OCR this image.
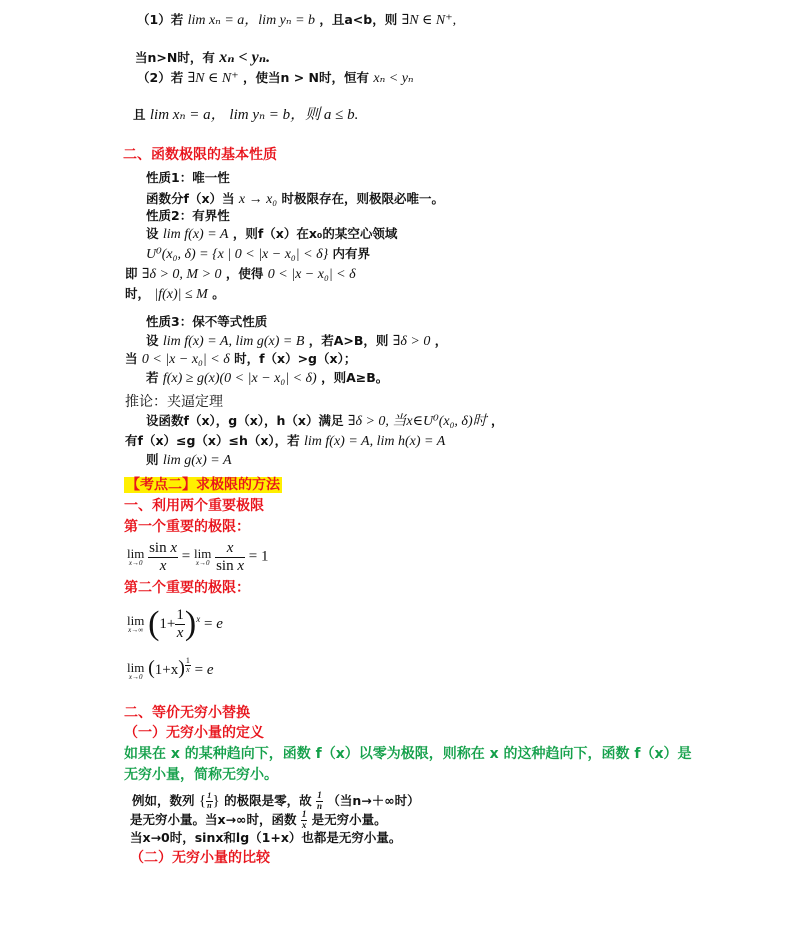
（1）若 lim xₙ = a，lim yₙ = b ，且a<b，则 ∃N ∈ N⁺,
当n>N时，有 xₙ < yₙ.
（2）若 ∃N ∈ N⁺ ，使当n > N时，恒有 xₙ < yₙ
且 lim xₙ = a， lim yₙ = b，则 a ≤ b.
二、函数极限的基本性质
性质1：唯一性
函数分f（x）当 x → x₀ 时极限存在，则极限必唯一。
性质2：有界性
设 lim f(x) = A ，则f（x）在x₀的某空心领域
U⁰(x₀, δ) = {x | 0 < |x − x₀| < δ} 内有界
即 ∃δ > 0, M > 0 ，使得 0 < |x − x₀| < δ
时， |f(x)| ≤ M 。
性质3：保不等式性质
设 lim f(x) = A, lim g(x) = B ，若A>B，则 ∃δ > 0 ，
当 0 < |x − x₀| < δ 时，f（x）>g（x）；
若 f(x) ≥ g(x)(0 < |x − x₀| < δ) ，则A≥B。
推论：夹逼定理
设函数f（x），g（x），h（x）满足 ∃δ > 0, 当x∈U⁰(x₀, δ)时 ，
有f（x）≤g（x）≤h（x），若 lim f(x) = A, lim h(x) = A
则 lim g(x) = A
【考点二】求极限的方法
一、利用两个重要极限
第一个重要的极限：
lim
x→0
$\frac{\text{sin x}}{x} = \lim$
x→0
$\frac{x}{\text{sin x}} = 1$
第二个重要的极限：
lim
x→∞ $(1+ \frac{1}{x} )^x = e$
lim
x→0 (1+x) $^{\frac{1}{x}}$ = e
二、等价无穷小替换
（一）无穷小量的定义
如果在 x 的某种趋向下，函数 f（x）以零为极限，则称在 x 的这种趋向下，函数 f（x）是
无穷小量，简称无穷小。
例如，数列 { $\frac{1}{n}$ } 的极限是零，故 $\frac{1}{n}$ （当n→＋∞时）
是无穷小量。当x→∞时，函数 $\frac{1}{x}$ 是无穷小量。
当x→0时，sinx和lg（1+x）也都是无穷小量。
（二）无穷小量的比较
